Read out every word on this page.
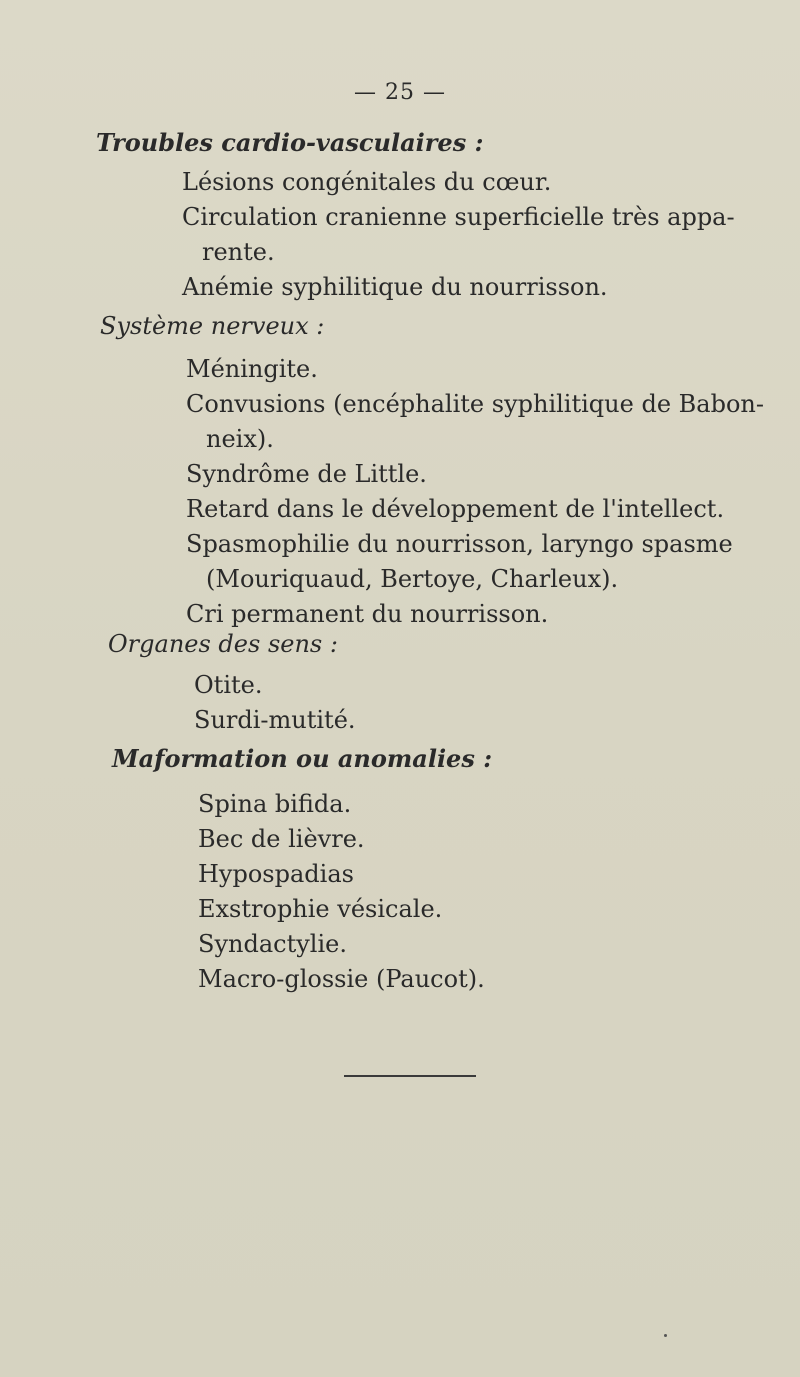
— 25 —

Troubles cardio-vasculaires :

Lésions congénitales du cœur.
Circulation cranienne superficielle très appa-
rente.
Anémie syphilitique du nourrisson.

Système nerveux :

Méningite.
Convusions (encéphalite syphilitique de Babon-
neix).
Syndrôme de Little.
Retard dans le développement de l'intellect.
Spasmophilie du nourrisson, laryngo spasme
(Mouriquaud, Bertoye, Charleux).
Cri permanent du nourrisson.

Organes des sens :

Otite.
Surdi-mutité.

Maformation ou anomalies :

Spina bifida.
Bec de lièvre.
Hypospadias
Exstrophie vésicale.
Syndactylie.
Macro-glossie (Paucot).
